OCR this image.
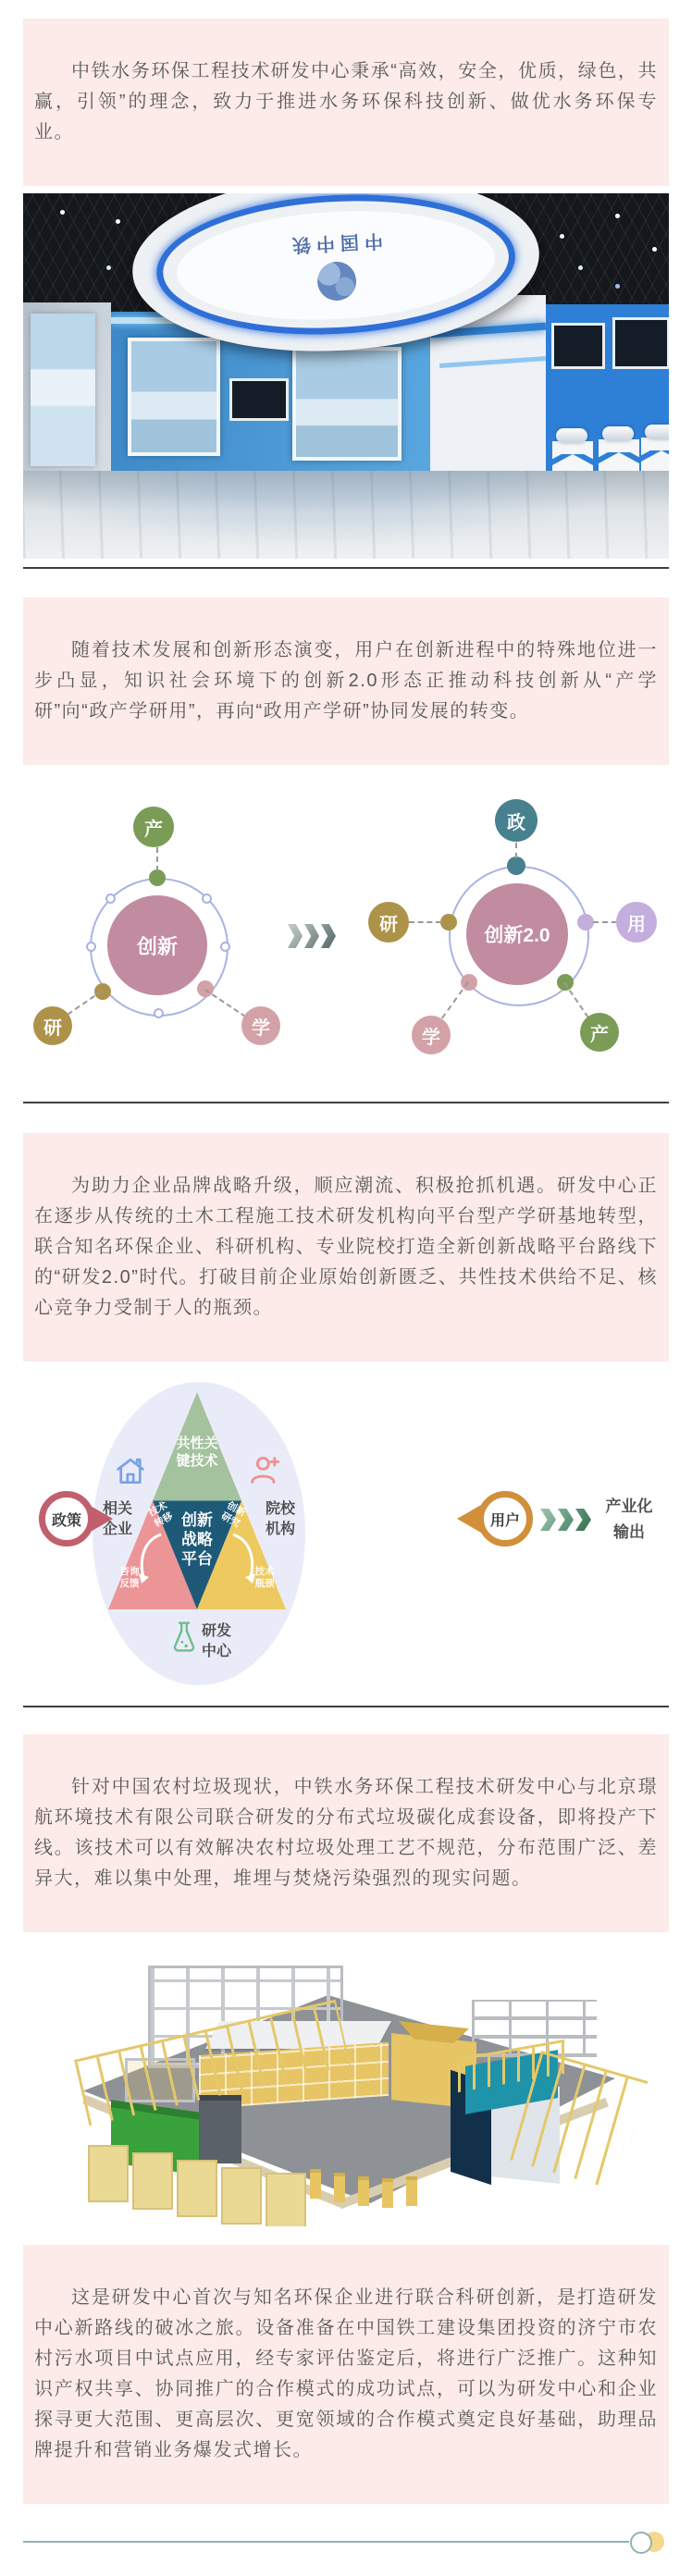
中铁水务环保工程技术研发中心秉承“高效，安全，优质，绿色，共赢，引领”的理念，致力于推进水务环保科技创新、做优水务环保专业。

中国中铁

随着技术发展和创新形态演变，用户在创新进程中的特殊地位进一步凸显，知识社会环境下的创新2.0形态正推动科技创新从“产学研”向“政产学研用”，再向“政用产学研”协同发展的转变。

创新
产
研	学
创新2.0
政
研	用
学	产

为助力企业品牌战略升级，顺应潮流、积极抢抓机遇。研发中心正在逐步从传统的土木工程施工技术研发机构向平台型产学研基地转型，联合知名环保企业、科研机构、专业院校打造全新创新战略平台路线下的“研发2.0”时代。打破目前企业原始创新匮乏、共性技术供给不足、核心竞争力受制于人的瓶颈。

共性关键技术
创新战略平台
技术转移
咨询反馈
创新研究
技术瓶颈
相关企业
院校机构
研发中心
政策	用户
产业化输出

针对中国农村垃圾现状，中铁水务环保工程技术研发中心与北京璟航环境技术有限公司联合研发的分布式垃圾碳化成套设备，即将投产下线。该技术可以有效解决农村垃圾处理工艺不规范，分布范围广泛、差异大，难以集中处理，堆埋与焚烧污染强烈的现实问题。

这是研发中心首次与知名环保企业进行联合科研创新，是打造研发中心新路线的破冰之旅。设备准备在中国铁工建设集团投资的济宁市农村污水项目中试点应用，经专家评估鉴定后，将进行广泛推广。这种知识产权共享、协同推广的合作模式的成功试点，可以为研发中心和企业探寻更大范围、更高层次、更宽领域的合作模式奠定良好基础，助理品牌提升和营销业务爆发式增长。
